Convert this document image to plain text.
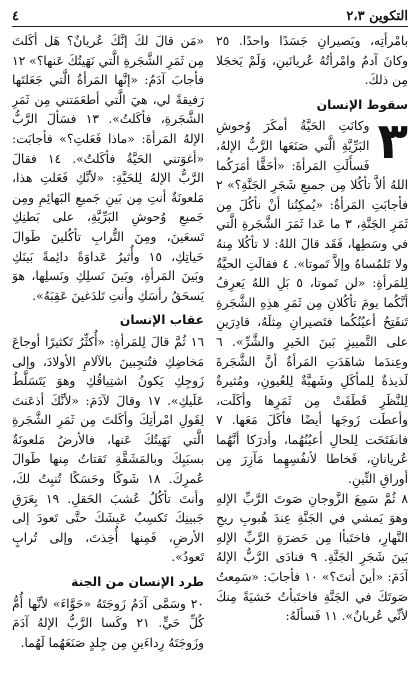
٤	التكوين ٢،٣

بامْرأتِه، ويَصيرانِ جَسَدًا واحدًا. ٢٥ وكانَ آدمُ وامْرأتُهُ عُريانَينِ، وَلَمْ يَخجَلا مِن ذلكَ.

سقوط الإنسان
٣

وكانَتِ الحَيَّةُ أمكَرَ وُحوشِ البَرِّيَّةِ الَّتي صَنَعَها الرَّبُّ الإلهُ، فَسأَلَتِ المَرأةَ: «أحَقًّا أمَرَكُما اللهُ ألاَّ تأكُلا مِن جميعِ شَجَرِ الجَنَّةِ؟» ٢ فأجابَتِ المَرأةُ: «يُمكِنُنا أنْ نأكُلَ مِن ثَمَرِ الجَنَّةِ، ٣ ما عَدا ثَمَرَ الشَّجَرةِ الَّتي في وسَطِها، فَقَد قالَ اللهُ: لا تأكُلا مِنهُ ولا تَلمُساهُ وإلاَّ تَموتا». ٤ فقالَتِ الحيَّةُ لِلمَرأةِ: «لن تَموتا، ٥ بَلِ اللهُ يَعرِفُ أنَّكُما يومَ تأكُلانِ مِن ثَمَرِ هذِهِ الشَّجَرةِ تَنفَتِحُ أعيُنُكُما فتَصيرانِ مِثلَهُ، قادِرَينِ على التَّمييزِ بَينَ الخَيرِ والشَّرِّ». ٦ وعِندَما شاهَدَتِ المَرأةُ أنَّ الشَّجَرةَ لَذيذةٌ لِلمأكَلِ وشَهيَّةٌ لِلعُيونِ، ومُثيرةٌ لِلنَّظَرِ قَطَفَتْ مِن ثَمَرِها وأكَلَت، وأعطَت زَوجَها أيضًا فأكَلَ مَعَها. ٧ فانفَتَحَت لِلحالِ أعيُنُهُما، وأدرَكا أنَّهُما عُريانانِ، فَخاطا لأنفُسِهِما مَآزِرَ مِن أوراقِ التِّينِ.

٨ ثُمَّ سَمِعَ الزَّوجانِ صَوتَ الرَّبِّ الإلهِ وهوَ يَمشي في الجَنَّةِ عِندَ هُبوبِ ريحِ النَّهارِ، فاختَبأا مِن حَضرَةِ الرَّبِّ الإلهِ بَينَ شَجَرِ الجَنَّةِ. ٩ فنادَى الرَّبُّ الإلهُ آدَمَ: «أينَ أنتَ؟» ١٠ فأجابَ: «سَمِعتُ صَوتَكَ في الجَنَّةِ فاختَبأتُ خَشيَةً مِنكَ لأنِّي عُريانٌ». ١١ فَسألَهُ:

«مَن قالَ لكَ إنَّكَ عُريانٌ؟ هَل أكَلتَ مِن ثَمَرِ الشَّجَرةِ الَّتي نَهَيتُكَ عَنها؟» ١٢ فأجابَ آدَمُ: «إنَّها المَرأةُ الَّتي جَعَلتَها رَفيقةً لي، هيَ الَّتي أطعَمَتني مِن ثَمَرِ الشَّجَرةِ، فأكَلتُ». ١٣ فسَألَ الرَّبُّ الإلهُ المَرأةَ: «ماذا فَعَلتِ؟» فأجابَت: «أغوَتني الحَيَّةُ فأكَلتُ». ١٤ فقالَ الرَّبُّ الإلهُ لِلحَيَّةِ: «لأنَّكِ فَعَلتِ هذا، مَلعونَةٌ أنتِ مِن بَينِ جَميعِ البَهائِمِ ومِن جَميعِ وُحوشِ البَرِّيَّةِ، على بَطنِكِ تَسعَينَ، ومِنَ التُّرابِ تأكُلينَ طَوالَ حَياتِكِ، ١٥ وأُثيرُ عَداوَةً دائِمةً بَينَكِ وبَينَ المَرأةِ، وبَينَ نَسلِكِ ونَسلِها، هوَ يَسحَقُ رأسَكِ وأنتِ تَلدَغينَ عَقِبَهُ».

عقاب الإنسان

١٦ ثُمَّ قالَ لِلمَرأةِ: «أُكثِّرُ تَكثيرًا أوجاعَ مَخاضِكِ فتُنجِبينَ بالآلامِ الأولادَ، وإلى زَوجِكِ يَكونُ اشتِياقُكِ وهوَ يَتَسَلَّطُ عَلَيكِ». ١٧ وقالَ لآدَمَ: «لأنَّكَ أذعَنتَ لِقَولِ امْرأتِكَ وأكَلتَ مِن ثَمَرِ الشَّجَرةِ الَّتي نَهَيتُكَ عَنها، فالأرضُ مَلعونَةٌ بسبَبِكَ وبالمَشَقَّةِ تَقتاتُ مِنها طَوالَ عُمرِكَ. ١٨ شَوكًا وحَسَكًا تُنبِتُ لكَ، وأنتَ تأكُلُ عُشبَ الحَقلِ. ١٩ بِعَرَقِ جَبينِكَ تَكسِبُ عَيشَكَ حتَّى تَعودَ إلى الأرضِ، فَمِنها أُخِذتَ، وإلى تُرابٍ تَعودُ».

طرد الإنسان من الجنة

٢٠ وسَمَّى آدَمُ زَوجَتَهُ «حَوَّاءَ» لأنَّها أُمُّ كُلِّ حَيٍّ. ٢١ وكَسا الرَّبُّ الإلهُ آدَمَ وزَوجَتَهُ رِداءَينِ مِن جِلدٍ صَنَعَهُما لَهُما.
